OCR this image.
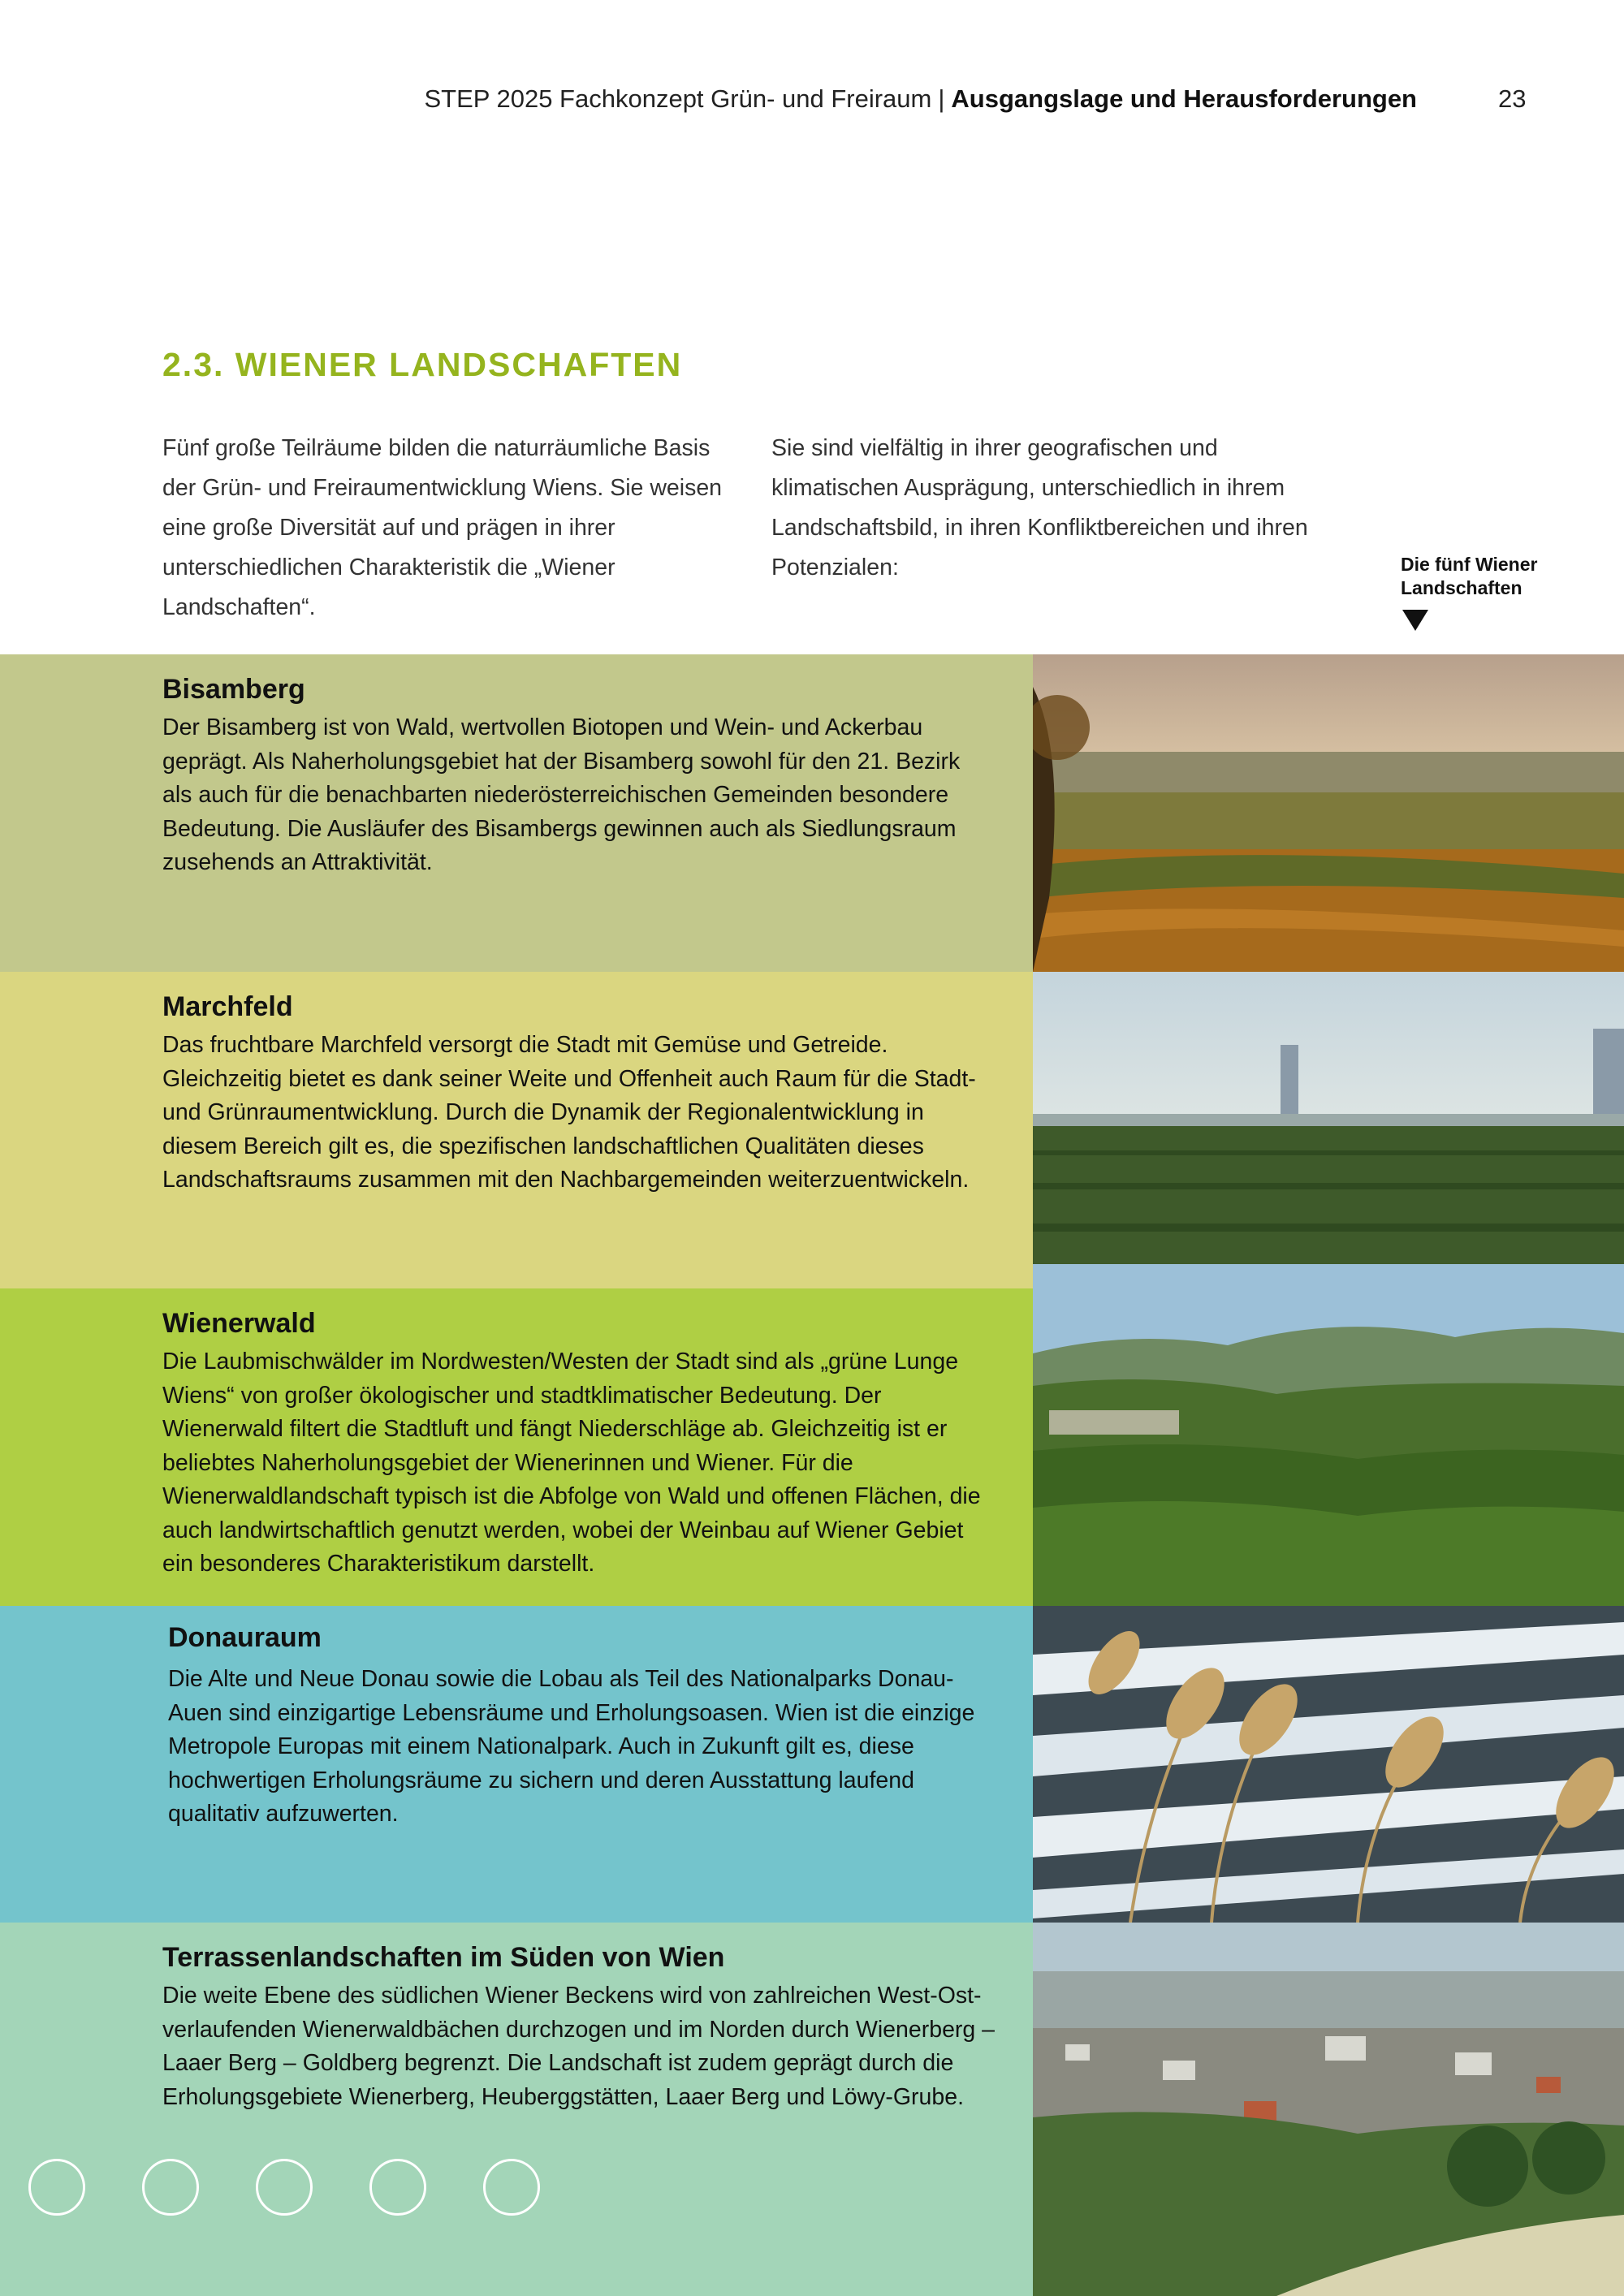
STEP 2025 Fachkonzept Grün- und Freiraum | Ausgangslage und Herausforderungen	23
2.3. WIENER LANDSCHAFTEN

Fünf große Teilräume bilden die naturräumliche Basis der Grün- und Freiraumentwicklung Wiens. Sie weisen eine große Diversität auf und prägen in ihrer unterschiedlichen Charakteristik die „Wiener Landschaften“.

Sie sind vielfältig in ihrer geografischen und klimatischen Ausprägung, unterschiedlich in ihrem Landschaftsbild, in ihren Konfliktbereichen und ihren Potenzialen:	Die fünf Wiener Landschaften
Bisamberg

Der Bisamberg ist von Wald, wertvollen Biotopen und Wein- und Ackerbau geprägt. Als Naherholungsgebiet hat der Bisamberg sowohl für den 21. Bezirk als auch für die benachbarten niederösterreichischen Gemeinden besondere Bedeutung. Die Ausläufer des Bisambergs gewinnen auch als Siedlungsraum zusehends an Attraktivität.

Marchfeld

Das fruchtbare Marchfeld versorgt die Stadt mit Gemüse und Getreide. Gleichzeitig bietet es dank seiner Weite und Offenheit auch Raum für die Stadt- und Grünraumentwicklung. Durch die Dynamik der Regionalentwicklung in diesem Bereich gilt es, die spezifischen landschaftlichen Qualitäten dieses Landschaftsraums zusammen mit den Nachbargemeinden weiterzuentwickeln.

Wienerwald

Die Laubmischwälder im Nordwesten/Westen der Stadt sind als „grüne Lunge Wiens“ von großer ökologischer und stadtklimatischer Bedeutung. Der Wienerwald filtert die Stadtluft und fängt Niederschläge ab. Gleichzeitig ist er beliebtes Naherholungsgebiet der Wienerinnen und Wiener. Für die Wienerwaldlandschaft typisch ist die Abfolge von Wald und offenen Flächen, die auch landwirtschaftlich genutzt werden, wobei der Weinbau auf Wiener Gebiet ein besonderes Charakteristikum darstellt.

Donauraum

Die Alte und Neue Donau sowie die Lobau als Teil des Nationalparks Donau-Auen sind einzigartige Lebensräume und Erholungsoasen. Wien ist die einzige Metropole Europas mit einem Nationalpark. Auch in Zukunft gilt es, diese hochwertigen Erholungsräume zu sichern und deren Ausstattung laufend qualitativ aufzuwerten.

Terrassenlandschaften im Süden von Wien

Die weite Ebene des südlichen Wiener Beckens wird von zahlreichen West-Ost-verlaufenden Wienerwaldbächen durchzogen und im Norden durch Wienerberg – Laaer Berg – Goldberg begrenzt. Die Landschaft ist zudem geprägt durch die Erholungsgebiete Wienerberg, Heuberggstätten, Laaer Berg und Löwy-Grube.
